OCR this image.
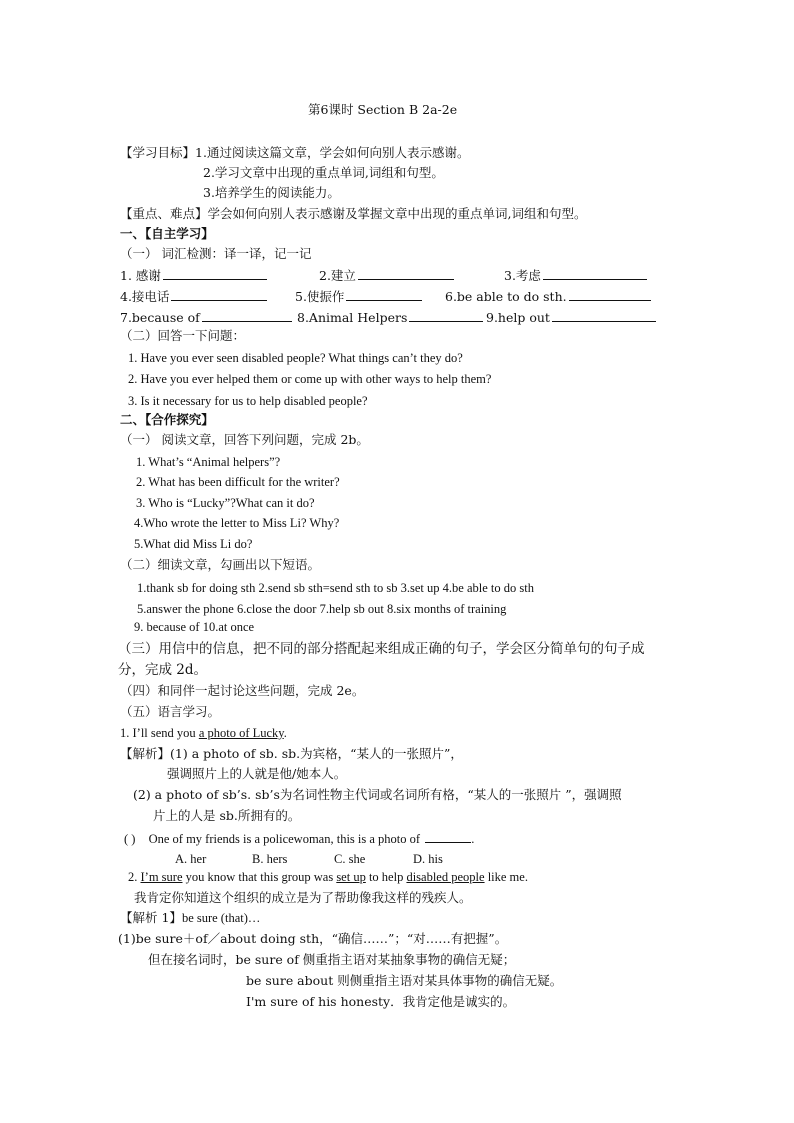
第6课时 Section B 2a-2e
【学习目标】1.通过阅读这篇文章，学会如何向别人表示感谢。
2.学习文章中出现的重点单词,词组和句型。
3.培养学生的阅读能力。
【重点、难点】学会如何向别人表示感谢及掌握文章中出现的重点单词,词组和句型。
一、【自主学习】
（一） 词汇检测：译一译，记一记
1. 感谢	2.建立	3.考虑
4.接电话	5.使振作	6.be able to do sth.
7.because of	8.Animal Helpers	9.help out
（二）回答一下问题：
1. Have you ever seen disabled people? What things can’t they do?
2. Have you ever helped them or come up with other ways to help them?
3. Is it necessary for us to help disabled people?
二、【合作探究】
（一） 阅读文章，回答下列问题，完成 2b。
1. What’s “Animal helpers”?
2. What has been difficult for the writer?
3. Who is “Lucky”?What can it do?
4.Who wrote the letter to Miss Li? Why?
5.What did Miss Li do?
（二）细读文章，勾画出以下短语。
1.thank sb for doing sth 2.send sb sth=send sth to sb 3.set up 4.be able to do sth
5.answer the phone 6.close the door 7.help sb out 8.six months of training
9. because of 10.at once
（三）用信中的信息，把不同的部分搭配起来组成正确的句子，学会区分简单句的句子成
分，完成 2d。
（四）和同伴一起讨论这些问题，完成 2e。
（五）语言学习。
1. I’ll send you a photo of Lucky.
【解析】(1) a photo of sb. sb.为宾格，“某人的一张照片”，
强调照片上的人就是他/她本人。
(2) a photo of sb’s. sb’s为名词性物主代词或名词所有格，“某人的一张照片 ”，强调照
片上的人是 sb.所拥有的。
( ) One of my friends is a policewoman, this is a photo of	.
A. her	B. hers	C. she	D. his
2. I’m sure you know that this group was set up to help disabled people like me.
我肯定你知道这个组织的成立是为了帮助像我这样的残疾人。
【解析 1】be sure (that)…
(1)be sure＋of／about doing sth，“确信……”；“对……有把握”。
但在接名词时，be sure of 侧重指主语对某抽象事物的确信无疑；
be sure about 则侧重指主语对某具体事物的确信无疑。
I'm sure of his honesty．我肯定他是诚实的。
